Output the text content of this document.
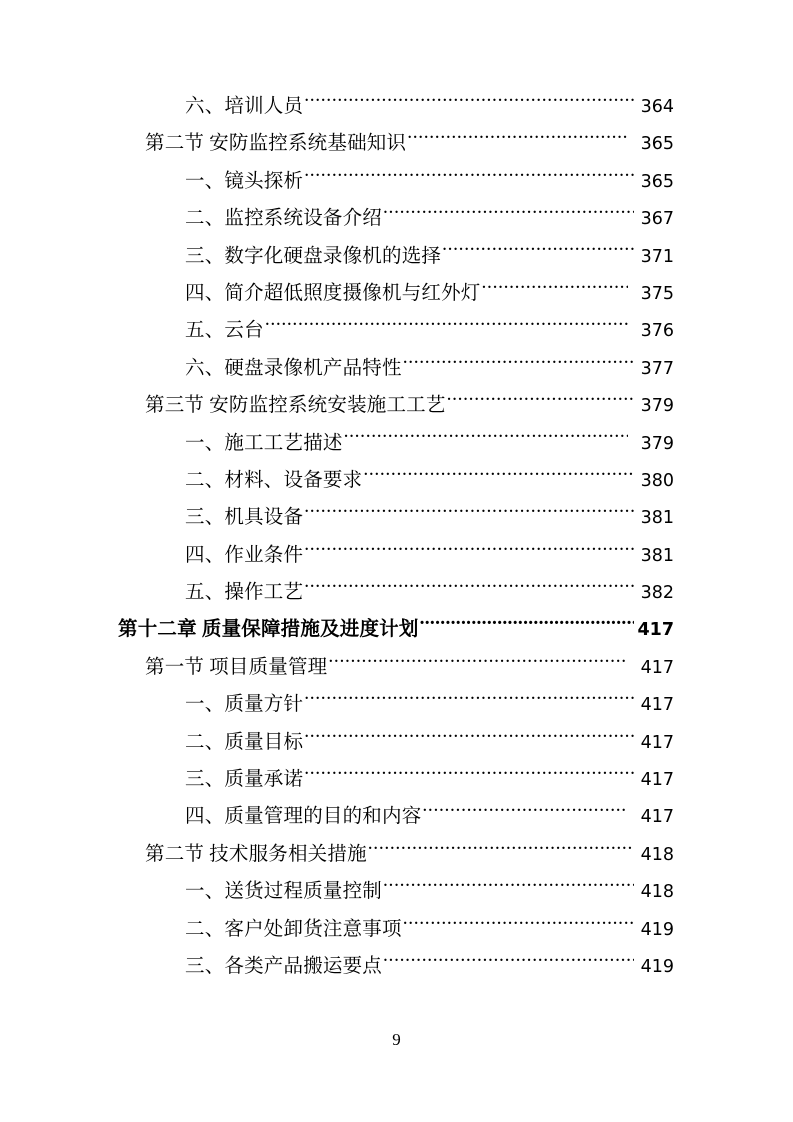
六、培训人员 .....	364
第二节 安防监控系统基础知识 .....	365
一、镜头探析 .....	365
二、监控系统设备介绍 .....	367
三、数字化硬盘录像机的选择 .....	371
四、简介超低照度摄像机与红外灯 .....	375
五、云台 .....	376
六、硬盘录像机产品特性 .....	377
第三节 安防监控系统安装施工工艺 .....	379
一、施工工艺描述 .....	379
二、材料、设备要求 .....	380
三、机具设备 .....	381
四、作业条件 .....	381
五、操作工艺 .....	382
第十二章 质量保障措施及进度计划 .....	417
第一节 项目质量管理 .....	417
一、质量方针 .....	417
二、质量目标 .....	417
三、质量承诺 .....	417
四、质量管理的目的和内容 .....	417
第二节 技术服务相关措施 .....	418
一、送货过程质量控制 .....	418
二、客户处卸货注意事项 .....	419
三、各类产品搬运要点 .....	419
9
